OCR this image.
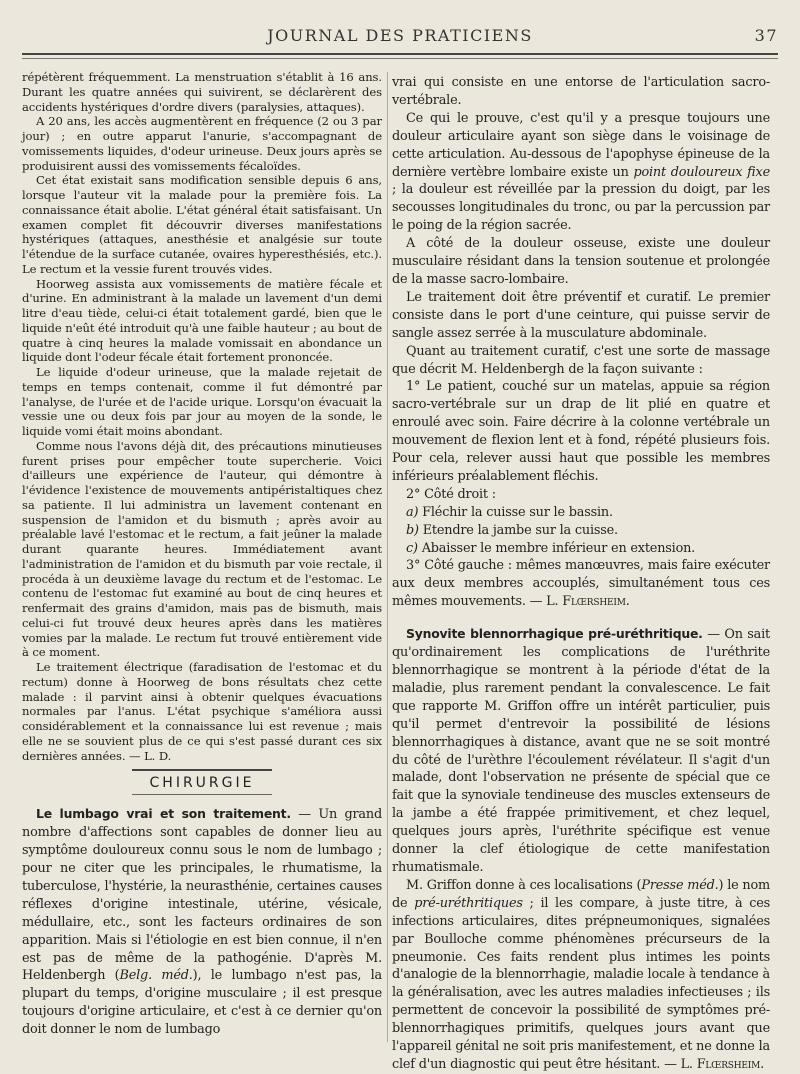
JOURNAL DES PRATICIENS	37

répétèrent fréquemment. La menstruation s'établit à 16 ans. Durant les quatre années qui suivirent, se déclarèrent des accidents hystériques d'ordre divers (paralysies, attaques).

A 20 ans, les accès augmentèrent en fréquence (2 ou 3 par jour) ; en outre apparut l'anurie, s'accompagnant de vomissements liquides, d'odeur urineuse. Deux jours après se produisirent aussi des vomissements fécaloïdes.

Cet état existait sans modification sensible depuis 6 ans, lorsque l'auteur vit la malade pour la première fois. La connaissance était abolie. L'état général était satisfaisant. Un examen complet fit découvrir diverses manifestations hystériques (attaques, anesthésie et analgésie sur toute l'étendue de la surface cutanée, ovaires hyperesthésiés, etc.). Le rectum et la vessie furent trouvés vides.

Hoorweg assista aux vomissements de matière fécale et d'urine. En administrant à la malade un lavement d'un demi litre d'eau tiède, celui-ci était totalement gardé, bien que le liquide n'eût été introduit qu'à une faible hauteur ; au bout de quatre à cinq heures la malade vomissait en abondance un liquide dont l'odeur fécale était fortement prononcée.

Le liquide d'odeur urineuse, que la malade rejetait de temps en temps contenait, comme il fut démontré par l'analyse, de l'urée et de l'acide urique. Lorsqu'on évacuait la vessie une ou deux fois par jour au moyen de la sonde, le liquide vomi était moins abondant.

Comme nous l'avons déjà dit, des précautions minutieuses furent prises pour empêcher toute supercherie. Voici d'ailleurs une expérience de l'auteur, qui démontre à l'évidence l'existence de mouvements antipéristaltiques chez sa patiente. Il lui administra un lavement contenant en suspension de l'amidon et du bismuth ; après avoir au préalable lavé l'estomac et le rectum, a fait jeûner la malade durant quarante heures. Immédiatement avant l'administration de l'amidon et du bismuth par voie rectale, il procéda à un deuxième lavage du rectum et de l'estomac. Le contenu de l'estomac fut examiné au bout de cinq heures et renfermait des grains d'amidon, mais pas de bismuth, mais celui-ci fut trouvé deux heures après dans les matières vomies par la malade. Le rectum fut trouvé entièrement vide à ce moment.

Le traitement électrique (faradisation de l'estomac et du rectum) donne à Hoorweg de bons résultats chez cette malade : il parvint ainsi à obtenir quelques évacuations normales par l'anus. L'état psychique s'améliora aussi considérablement et la connaissance lui est revenue ; mais elle ne se souvient plus de ce qui s'est passé durant ces six dernières années. — L. D.

CHIRURGIE

Le lumbago vrai et son traitement. — Un grand nombre d'affections sont capables de donner lieu au symptôme douloureux connu sous le nom de lumbago ; pour ne citer que les principales, le rhumatisme, la tuberculose, l'hystérie, la neurasthénie, certaines causes réflexes d'origine intestinale, utérine, vésicale, médullaire, etc., sont les facteurs ordinaires de son apparition. Mais si l'étiologie en est bien connue, il n'en est pas de même de la pathogénie. D'après M. Heldenbergh (Belg. méd.), le lumbago n'est pas, la plupart du temps, d'origine musculaire ; il est presque toujours d'origine articulaire, et c'est à ce dernier qu'on doit donner le nom de lumbago

vrai qui consiste en une entorse de l'articulation sacro-vertébrale.

Ce qui le prouve, c'est qu'il y a presque toujours une douleur articulaire ayant son siège dans le voisinage de cette articulation. Au-dessous de l'apophyse épineuse de la dernière vertèbre lombaire existe un point douloureux fixe ; la douleur est réveillée par la pression du doigt, par les secousses longitudinales du tronc, ou par la percussion par le poing de la région sacrée.

A côté de la douleur osseuse, existe une douleur musculaire résidant dans la tension soutenue et prolongée de la masse sacro-lombaire.

Le traitement doit être préventif et curatif. Le premier consiste dans le port d'une ceinture, qui puisse servir de sangle assez serrée à la musculature abdominale.

Quant au traitement curatif, c'est une sorte de massage que décrit M. Heldenbergh de la façon suivante :

1° Le patient, couché sur un matelas, appuie sa région sacro-vertébrale sur un drap de lit plié en quatre et enroulé avec soin. Faire décrire à la colonne vertébrale un mouvement de flexion lent et à fond, répété plusieurs fois. Pour cela, relever aussi haut que possible les membres inférieurs préalablement fléchis.

2° Côté droit :

a) Fléchir la cuisse sur le bassin.

b) Etendre la jambe sur la cuisse.

c) Abaisser le membre inférieur en extension.

3° Côté gauche : mêmes manœuvres, mais faire exécuter aux deux membres accouplés, simultanément tous ces mêmes mouvements. — L. Flœrsheim.

Synovite blennorrhagique pré-uréthritique. — On sait qu'ordinairement les complications de l'uréthrite blennorrhagique se montrent à la période d'état de la maladie, plus rarement pendant la convalescence. Le fait que rapporte M. Griffon offre un intérêt particulier, puis qu'il permet d'entrevoir la possibilité de lésions blennorrhagiques à distance, avant que ne se soit montré du côté de l'urèthre l'écoulement révélateur. Il s'agit d'un malade, dont l'observation ne présente de spécial que ce fait que la synoviale tendineuse des muscles extenseurs de la jambe a été frappée primitivement, et chez lequel, quelques jours après, l'uréthrite spécifique est venue donner la clef étiologique de cette manifestation rhumatismale.

M. Griffon donne à ces localisations (Presse méd.) le nom de pré-uréthritiques ; il les compare, à juste titre, à ces infections articulaires, dites prépneumoniques, signalées par Boulloche comme phénomènes précurseurs de la pneumonie. Ces faits rendent plus intimes les points d'analogie de la blennorrhagie, maladie locale à tendance à la généralisation, avec les autres maladies infectieuses ; ils permettent de concevoir la possibilité de symptômes pré-blennorrhagiques primitifs, quelques jours avant que l'appareil génital ne soit pris manifestement, et ne donne la clef d'un diagnostic qui peut être hésitant. — L. Flœrsheim.
